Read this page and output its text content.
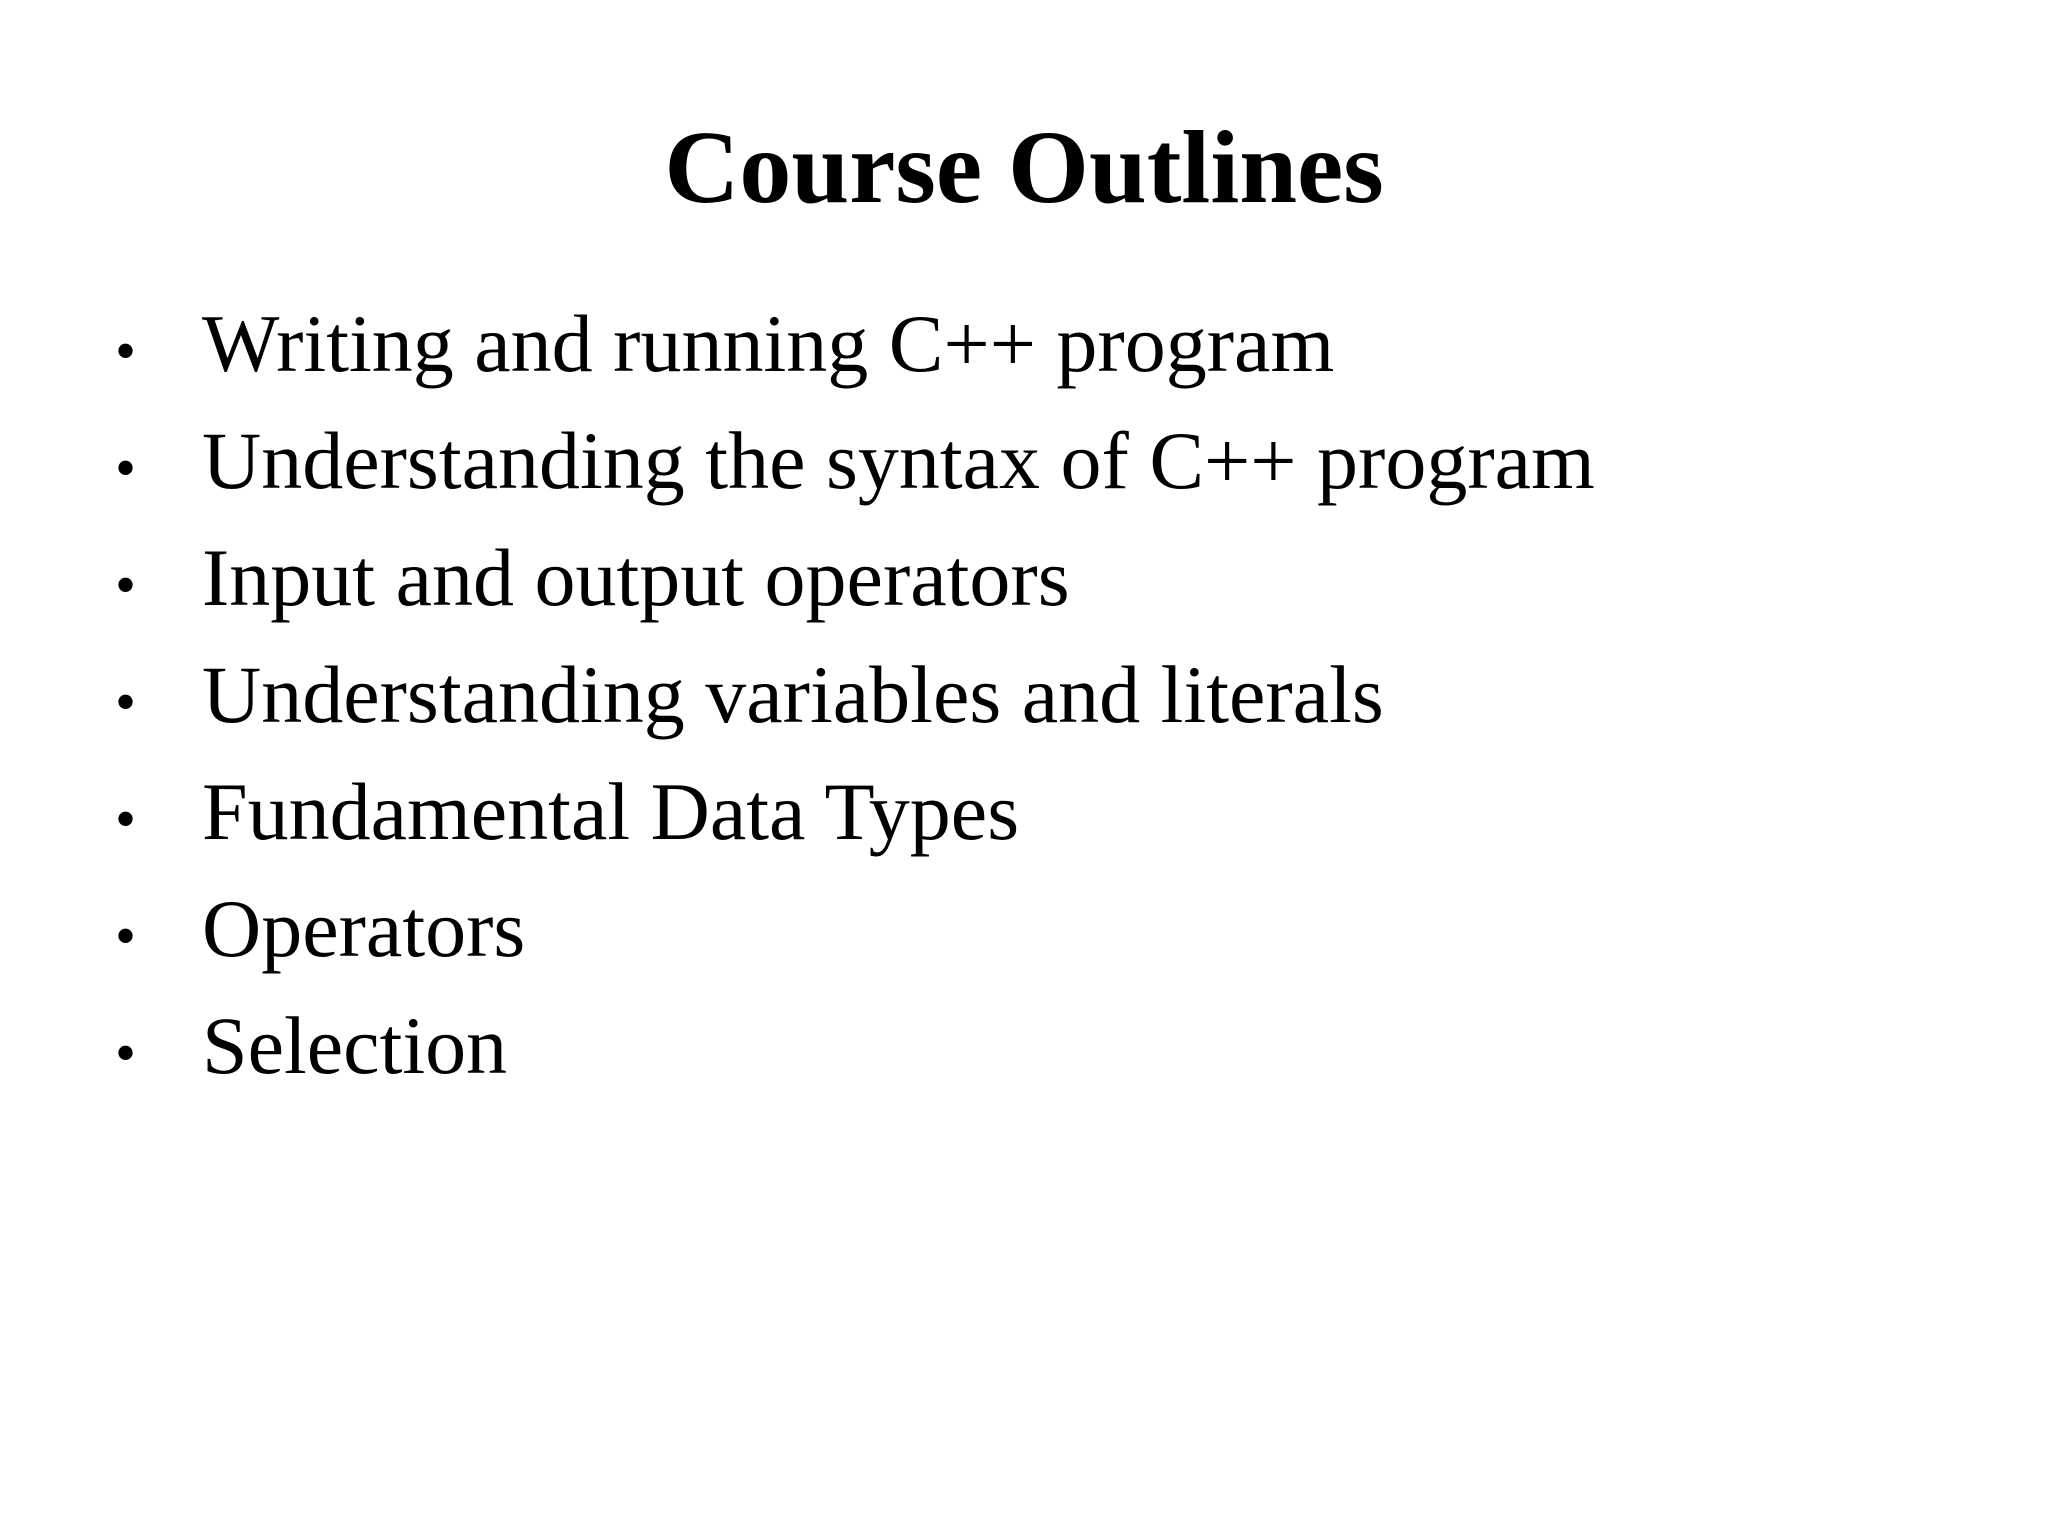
Course Outlines
• Writing and running C++ program
• Understanding the syntax of C++ program
• Input and output operators
• Understanding variables and literals
• Fundamental Data Types
• Operators
• Selection
